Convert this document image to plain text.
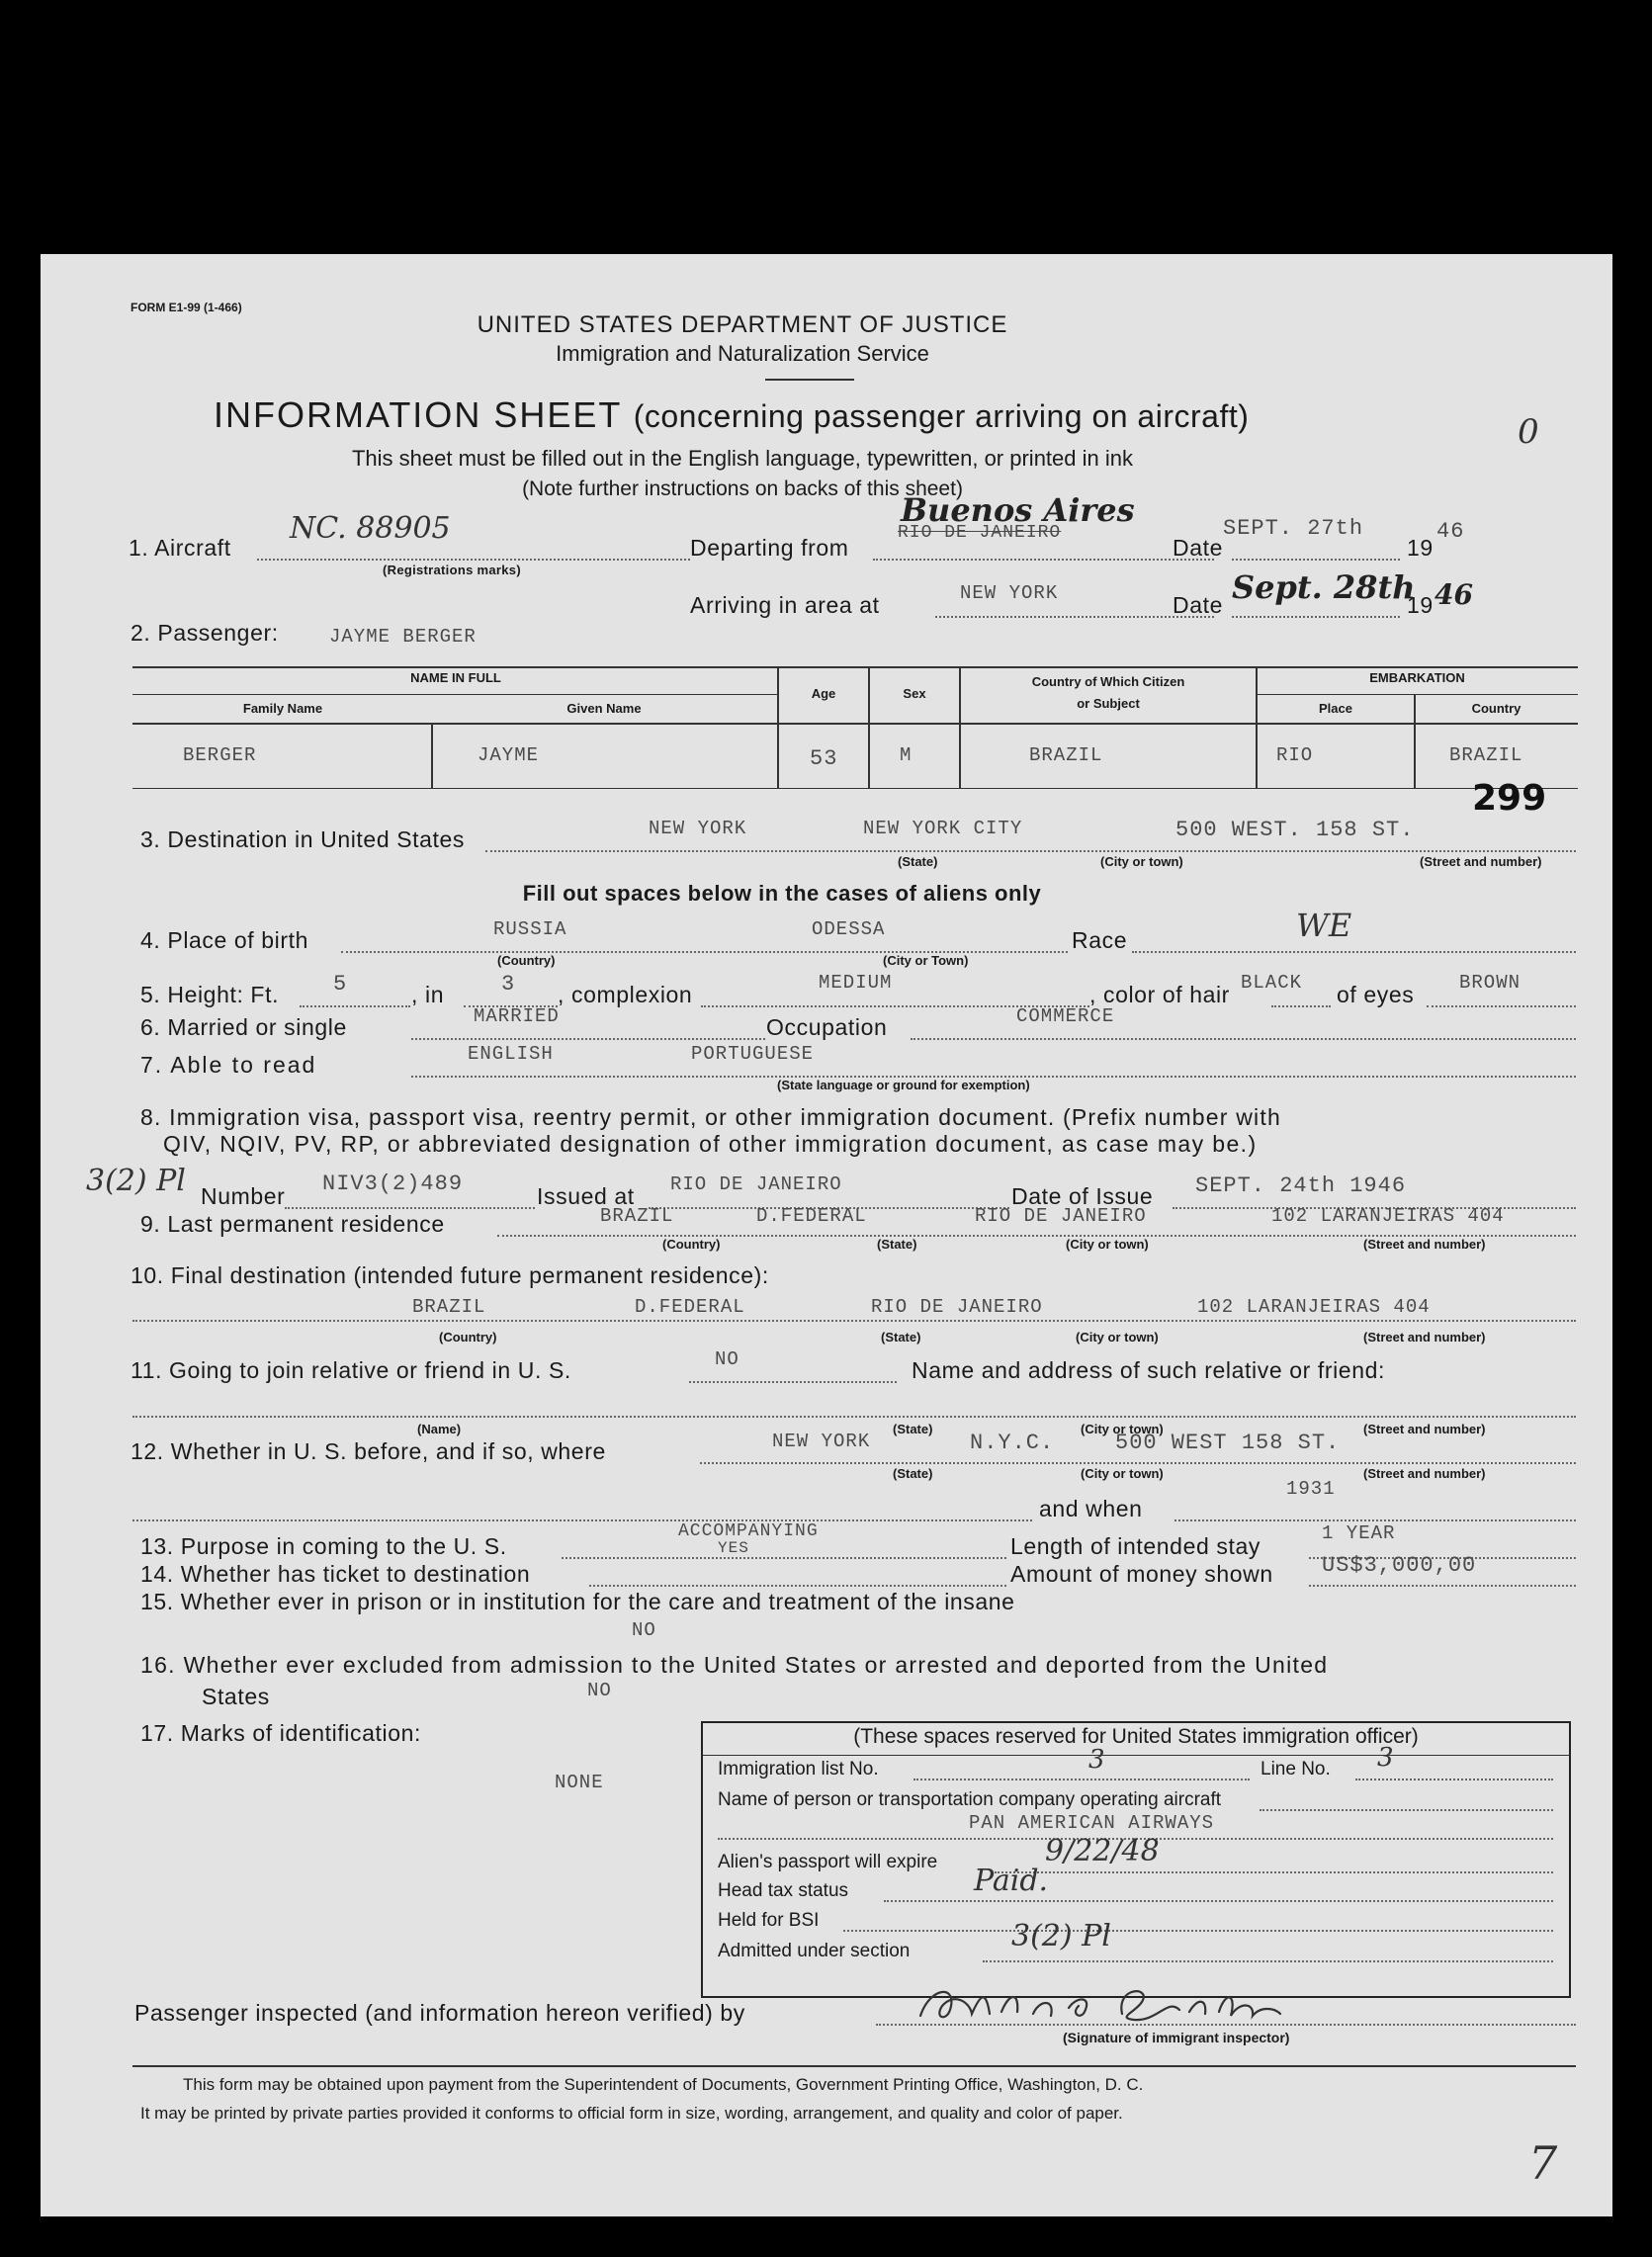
FORM E1-99 (1-466)
UNITED STATES DEPARTMENT OF JUSTICE
Immigration and Naturalization Service
INFORMATION SHEET (concerning passenger arriving on aircraft)	0
This sheet must be filled out in the English language, typewritten, or printed in ink
(Note further instructions on backs of this sheet)
1. Aircraft
NC. 88905
(Registrations marks)
Departing from
RIO DE JANEIRO
Buenos Aires
Date
SEPT. 27th
19
46
Arriving in area at	NEW YORK	Date Sept. 28th
19 46
2. Passenger:	JAYME BERGER
NAME IN FULL
Family Name	Given Name
Age	Sex
Country of Which Citizen
or Subject
EMBARKATION
Place	Country
BERGER	JAYME	53	M	BRAZIL	RIO	BRAZIL
299
3. Destination in United States	NEW YORK	NEW YORK CITY	500 WEST. 158 ST.
(State)	(City or town)	(Street and number)
Fill out spaces below in the cases of aliens only
4. Place of birth	RUSSIA	ODESSA
(Country)	(City or Town)
Race	WE
5. Height: Ft. 5	, in	3 , complexion	MEDIUM	, color of hair BLACK of eyes BROWN
6. Married or single	MARRIED	Occupation	COMMERCE
7. Able to read	ENGLISH	PORTUGUESE
(State language or ground for exemption)
8. Immigration visa, passport visa, reentry permit, or other immigration document. (Prefix number with
QIV, NQIV, PV, RP, or abbreviated designation of other immigration document, as case may be.)
3(2) Pl Number NIV3(2)489	Issued at RIO DE JANEIRO	Date of Issue SEPT. 24th 1946
9. Last permanent residence	BRAZIL	D.FEDERAL	RIO DE JANEIRO	102 LARANJEIRAS 404
(Country)	(State)	(City or town)	(Street and number)
10. Final destination (intended future permanent residence):
BRAZIL	D.FEDERAL	RIO DE JANEIRO	102 LARANJEIRAS 404
(Country)	(State)	(City or town)	(Street and number)
11. Going to join relative or friend in U. S.	NO	Name and address of such relative or friend:
(Name)	(State)	(City or town)	(Street and number)
12. Whether in U. S. before, and if so, where	NEW YORK	N.Y.C.	500 WEST 158 ST.
(State)	(City or town)	(Street and number)
1931
and when
13. Purpose in coming to the U. S.
ACCOMPANYING
Length of intended stay	1 YEAR
14. Whether has ticket to destination
YES
Amount of money shown US$3,000,00
15. Whether ever in prison or in institution for the care and treatment of the insane
NO
16. Whether ever excluded from admission to the United States or arrested and deported from the United
States	NO
17. Marks of identification:
NONE
(These spaces reserved for United States immigration officer)
Immigration list No.	3	Line No. 3
Name of person or transportation company operating aircraft
PAN AMERICAN AIRWAYS
Alien's passport will expire	9/22/48
Head tax status	Paid.
Held for BSI
Admitted under section	3(2) Pl
Passenger inspected (and information hereon verified) by
(Signature of immigrant inspector)
This form may be obtained upon payment from the Superintendent of Documents, Government Printing Office, Washington, D. C.
It may be printed by private parties provided it conforms to official form in size, wording, arrangement, and quality and color of paper.
7
